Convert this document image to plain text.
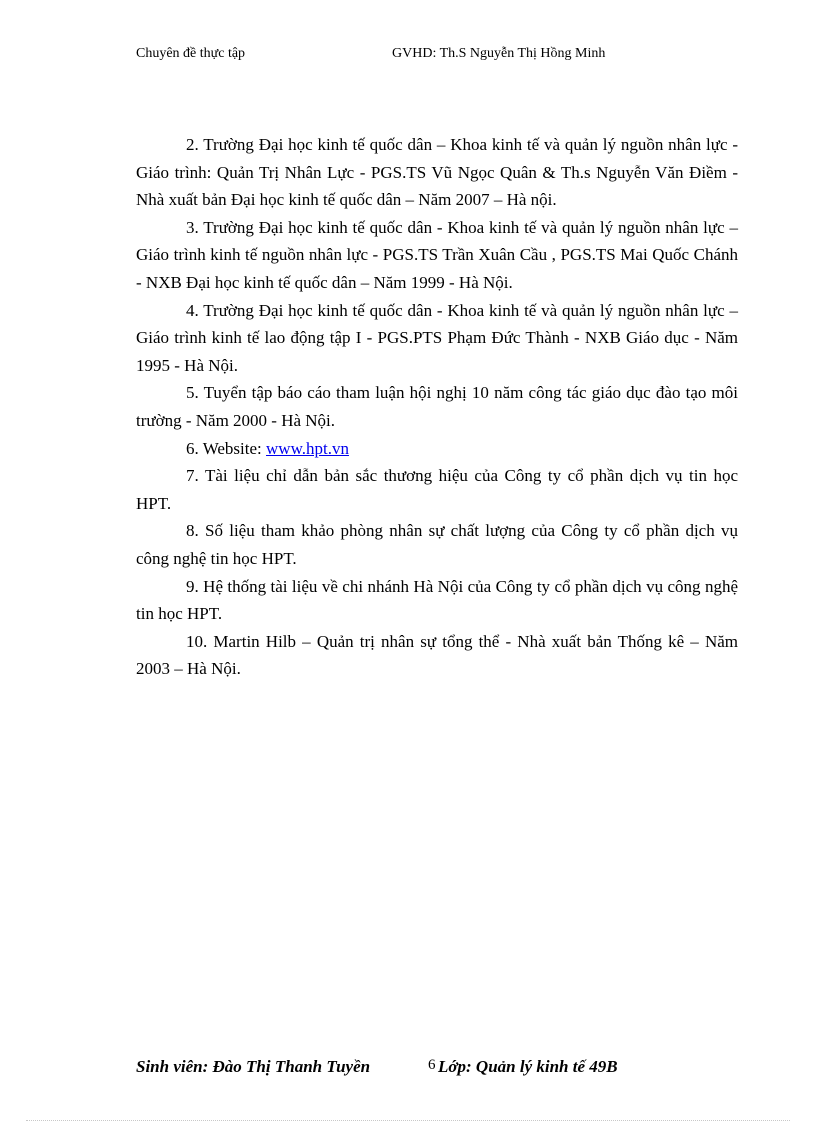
Chuyên đề thực tập	GVHD: Th.S Nguyễn Thị Hồng Minh

2. Trường Đại học kinh tế quốc dân – Khoa kinh tế và quản lý nguồn nhân lực - Giáo trình: Quản Trị Nhân Lực - PGS.TS Vũ Ngọc Quân & Th.s Nguyễn Văn Điềm - Nhà xuất bản Đại học kinh tế quốc dân – Năm 2007 – Hà nội.

3. Trường Đại học kinh tế quốc dân - Khoa kinh tế và quản lý nguồn nhân lực – Giáo trình kinh tế nguồn nhân lực - PGS.TS Trần Xuân Cầu , PGS.TS Mai Quốc Chánh - NXB Đại học kinh tế quốc dân – Năm 1999 - Hà Nội.

4. Trường Đại học kinh tế quốc dân - Khoa kinh tế và quản lý nguồn nhân lực – Giáo trình kinh tế lao động tập I - PGS.PTS Phạm Đức Thành - NXB Giáo dục - Năm 1995 - Hà Nội.

5. Tuyển tập báo cáo tham luận hội nghị 10 năm công tác giáo dục đào tạo môi trường - Năm 2000 - Hà Nội.

6. Website: www.hpt.vn

7. Tài liệu chỉ dẫn bản sắc thương hiệu của Công ty cổ phần dịch vụ tin học HPT.

8. Số liệu tham khảo phòng nhân sự chất lượng của Công ty cổ phần dịch vụ công nghệ tin học HPT.

9. Hệ thống tài liệu về chi nhánh Hà Nội của Công ty cổ phần dịch vụ công nghệ tin học HPT.

10. Martin Hilb – Quản trị nhân sự tổng thể - Nhà xuất bản Thống kê – Năm 2003 – Hà Nội.

Sinh viên: Đào Thị Thanh Tuyền	6 Lớp: Quản lý kinh tế 49B
